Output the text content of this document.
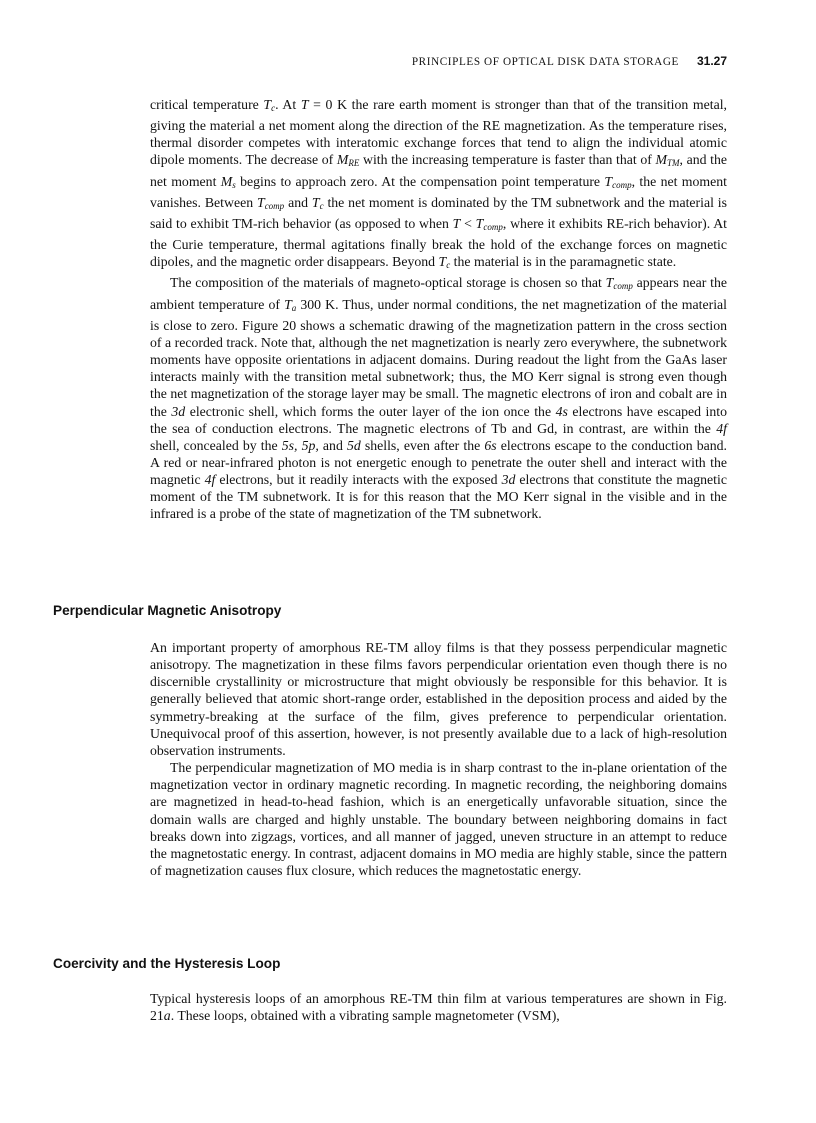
PRINCIPLES OF OPTICAL DISK DATA STORAGE 31.27

critical temperature $T_c$. At T = 0 K the rare earth moment is stronger than that of the transition metal, giving the material a net moment along the direction of the RE magnetization. As the temperature rises, thermal disorder competes with interatomic exchange forces that tend to align the individual atomic dipole moments. The decrease of $M_{RE}$ with the increasing temperature is faster than that of $M_{TM}$, and the net moment $M_s$ begins to approach zero. At the compensation point temperature $T_{comp}$, the net moment vanishes. Between $T_{comp}$ and $T_c$ the net moment is dominated by the TM subnetwork and the material is said to exhibit TM-rich behavior (as opposed to when $T < T_{comp}$, where it exhibits RE-rich behavior). At the Curie temperature, thermal agitations finally break the hold of the exchange forces on magnetic dipoles, and the magnetic order disappears. Beyond $T_c$ the material is in the paramagnetic state.

The composition of the materials of magneto-optical storage is chosen so that $T_{comp}$ appears near the ambient temperature of $T_a$ 300 K. Thus, under normal conditions, the net magnetization of the material is close to zero. Figure 20 shows a schematic drawing of the magnetization pattern in the cross section of a recorded track. Note that, although the net magnetization is nearly zero everywhere, the subnetwork moments have opposite orientations in adjacent domains. During readout the light from the GaAs laser interacts mainly with the transition metal subnetwork; thus, the MO Kerr signal is strong even though the net magnetization of the storage layer may be small. The magnetic electrons of iron and cobalt are in the 3d electronic shell, which forms the outer layer of the ion once the 4s electrons have escaped into the sea of conduction electrons. The magnetic electrons of Tb and Gd, in contrast, are within the 4f shell, concealed by the 5s, 5p, and 5d shells, even after the 6s electrons escape to the conduction band. A red or near-infrared photon is not energetic enough to penetrate the outer shell and interact with the magnetic 4f electrons, but it readily interacts with the exposed 3d electrons that constitute the magnetic moment of the TM subnetwork. It is for this reason that the MO Kerr signal in the visible and in the infrared is a probe of the state of magnetization of the TM subnetwork.

Perpendicular Magnetic Anisotropy

An important property of amorphous RE-TM alloy films is that they possess perpendicular magnetic anisotropy. The magnetization in these films favors perpendicular orientation even though there is no discernible crystallinity or microstructure that might obviously be responsible for this behavior. It is generally believed that atomic short-range order, established in the deposition process and aided by the symmetry-breaking at the surface of the film, gives preference to perpendicular orientation. Unequivocal proof of this assertion, however, is not presently available due to a lack of high-resolution observation instruments.

The perpendicular magnetization of MO media is in sharp contrast to the in-plane orientation of the magnetization vector in ordinary magnetic recording. In magnetic recording, the neighboring domains are magnetized in head-to-head fashion, which is an energetically unfavorable situation, since the domain walls are charged and highly unstable. The boundary between neighboring domains in fact breaks down into zigzags, vortices, and all manner of jagged, uneven structure in an attempt to reduce the magnetostatic energy. In contrast, adjacent domains in MO media are highly stable, since the pattern of magnetization causes flux closure, which reduces the magnetostatic energy.

Coercivity and the Hysteresis Loop

Typical hysteresis loops of an amorphous RE-TM thin film at various temperatures are shown in Fig. 21a. These loops, obtained with a vibrating sample magnetometer (VSM),
